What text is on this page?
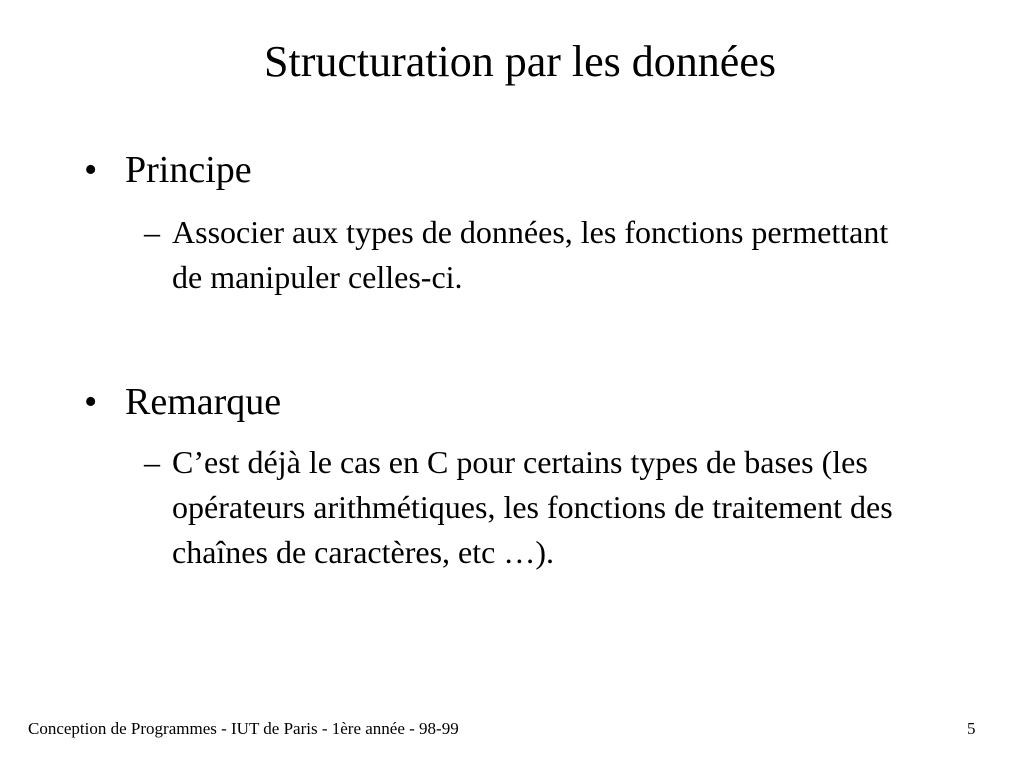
Structuration par les données
• Principe
– Associer aux types de données, les fonctions permettant de manipuler celles-ci.
• Remarque
– C’est déjà le cas en C pour certains types de bases (les opérateurs arithmétiques, les fonctions de traitement des chaînes de caractères, etc …).
Conception de Programmes - IUT de Paris - 1ère année - 98-99	5
